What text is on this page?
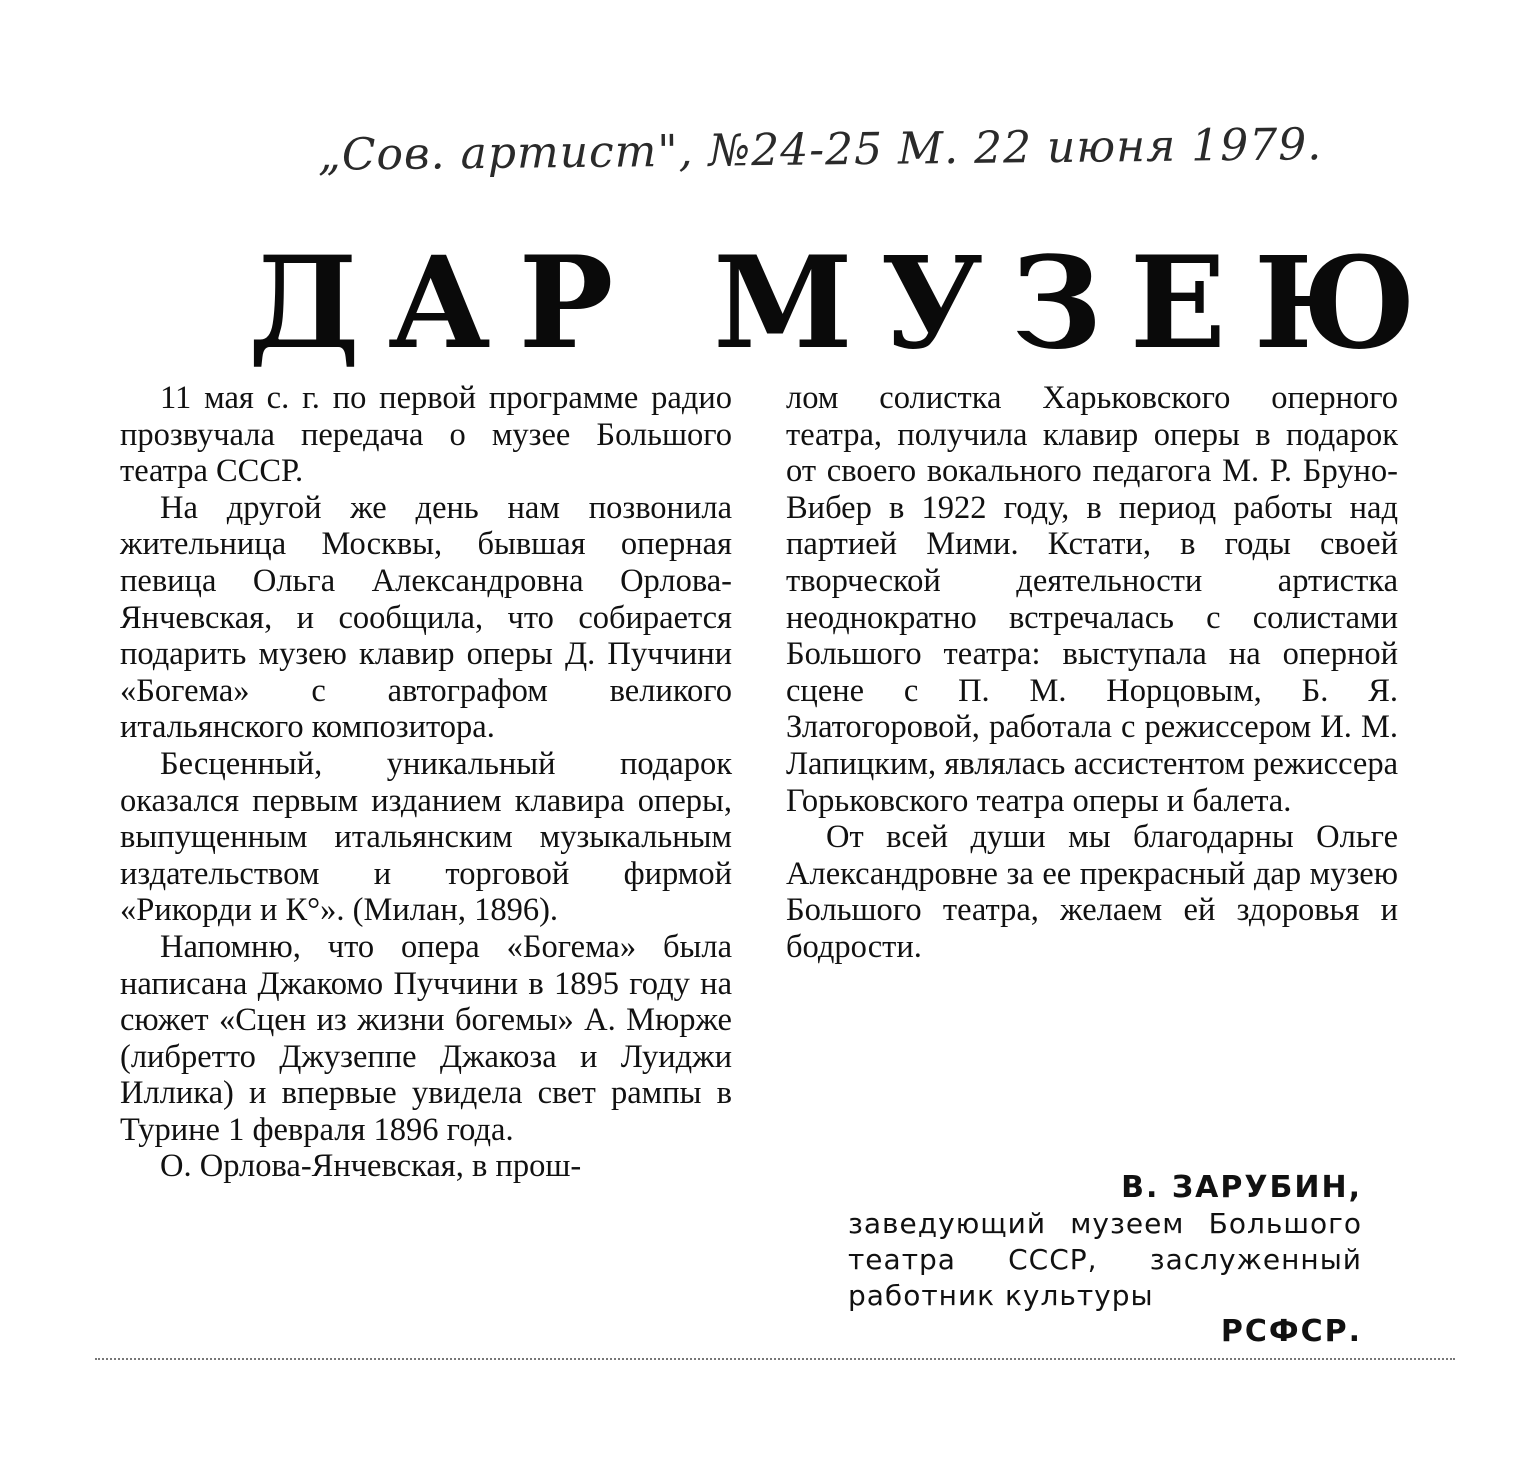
„Сов. артист", №24-25 М. 22 июня 1979.
ДАР МУЗЕЮ

11 мая с. г. по первой программе радио прозвучала передача о музее Большого театра СССР.

На другой же день нам позвонила жительница Москвы, бывшая оперная певица Ольга Александровна Орлова-Янчевская, и сообщила, что собирается подарить музею клавир оперы Д. Пуччини «Богема» с автографом великого итальянского композитора.

Бесценный, уникальный подарок оказался первым изданием клавира оперы, выпущенным итальянским музыкальным издательством и торговой фирмой «Рикорди и К°». (Милан, 1896).

Напомню, что опера «Богема» была написана Джакомо Пуччини в 1895 году на сюжет «Сцен из жизни богемы» А. Мюрже (либретто Джузеппе Джакоза и Луиджи Иллика) и впервые увидела свет рампы в Турине 1 февраля 1896 года.

О. Орлова-Янчевская, в прош-

лом солистка Харьковского оперного театра, получила клавир оперы в подарок от своего вокального педагога М. Р. Бруно-Вибер в 1922 году, в период работы над партией Мими. Кстати, в годы своей творческой деятельности артистка неоднократно встречалась с солистами Большого театра: выступала на оперной сцене с П. М. Норцовым, Б. Я. Златогоровой, работала с режиссером И. М. Лапицким, являлась ассистентом режиссера Горьковского театра оперы и балета.

От всей души мы благодарны Ольге Александровне за ее прекрасный дар музею Большого театра, желаем ей здоровья и бодрости.

В. ЗАРУБИН,
заведующий музеем Большого театра СССР, заслуженный работник культуры
РСФСР.
